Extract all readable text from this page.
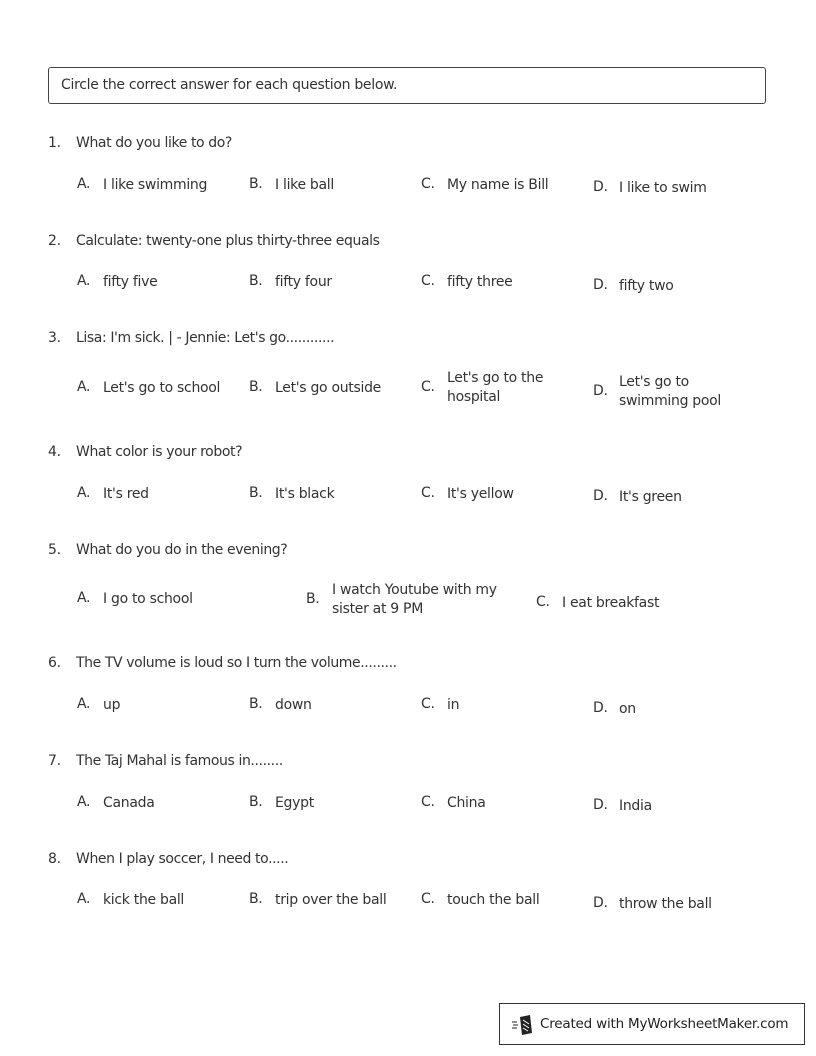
Circle the correct answer for each question below.
1. What do you like to do?
A. I like swimming	B. I like ball	C. My name is Bill	D. I like to swim
2. Calculate: twenty-one plus thirty-three equals
A. fifty five	B. fifty four	C. fifty three	D. fifty two
3. Lisa: I'm sick. | - Jennie: Let's go............
A. Let's go to school B. Let's go outside	C.
Let's go to the
hospital	D.
Let's go to
swimming pool
4. What color is your robot?
A. It's red	B. It's black	C. It's yellow	D. It's green
5. What do you do in the evening?
A. I go to school	B.
I watch Youtube with my
sister at 9 PM	C. I eat breakfast
6. The TV volume is loud so I turn the volume.........
A. up	B. down	C. in	D. on
7. The Taj Mahal is famous in........
A. Canada	B. Egypt	C. China	D. India
8. When I play soccer, I need to.....
A. kick the ball	B. trip over the ball C. touch the ball	D. throw the ball
Created with MyWorksheetMaker.com
